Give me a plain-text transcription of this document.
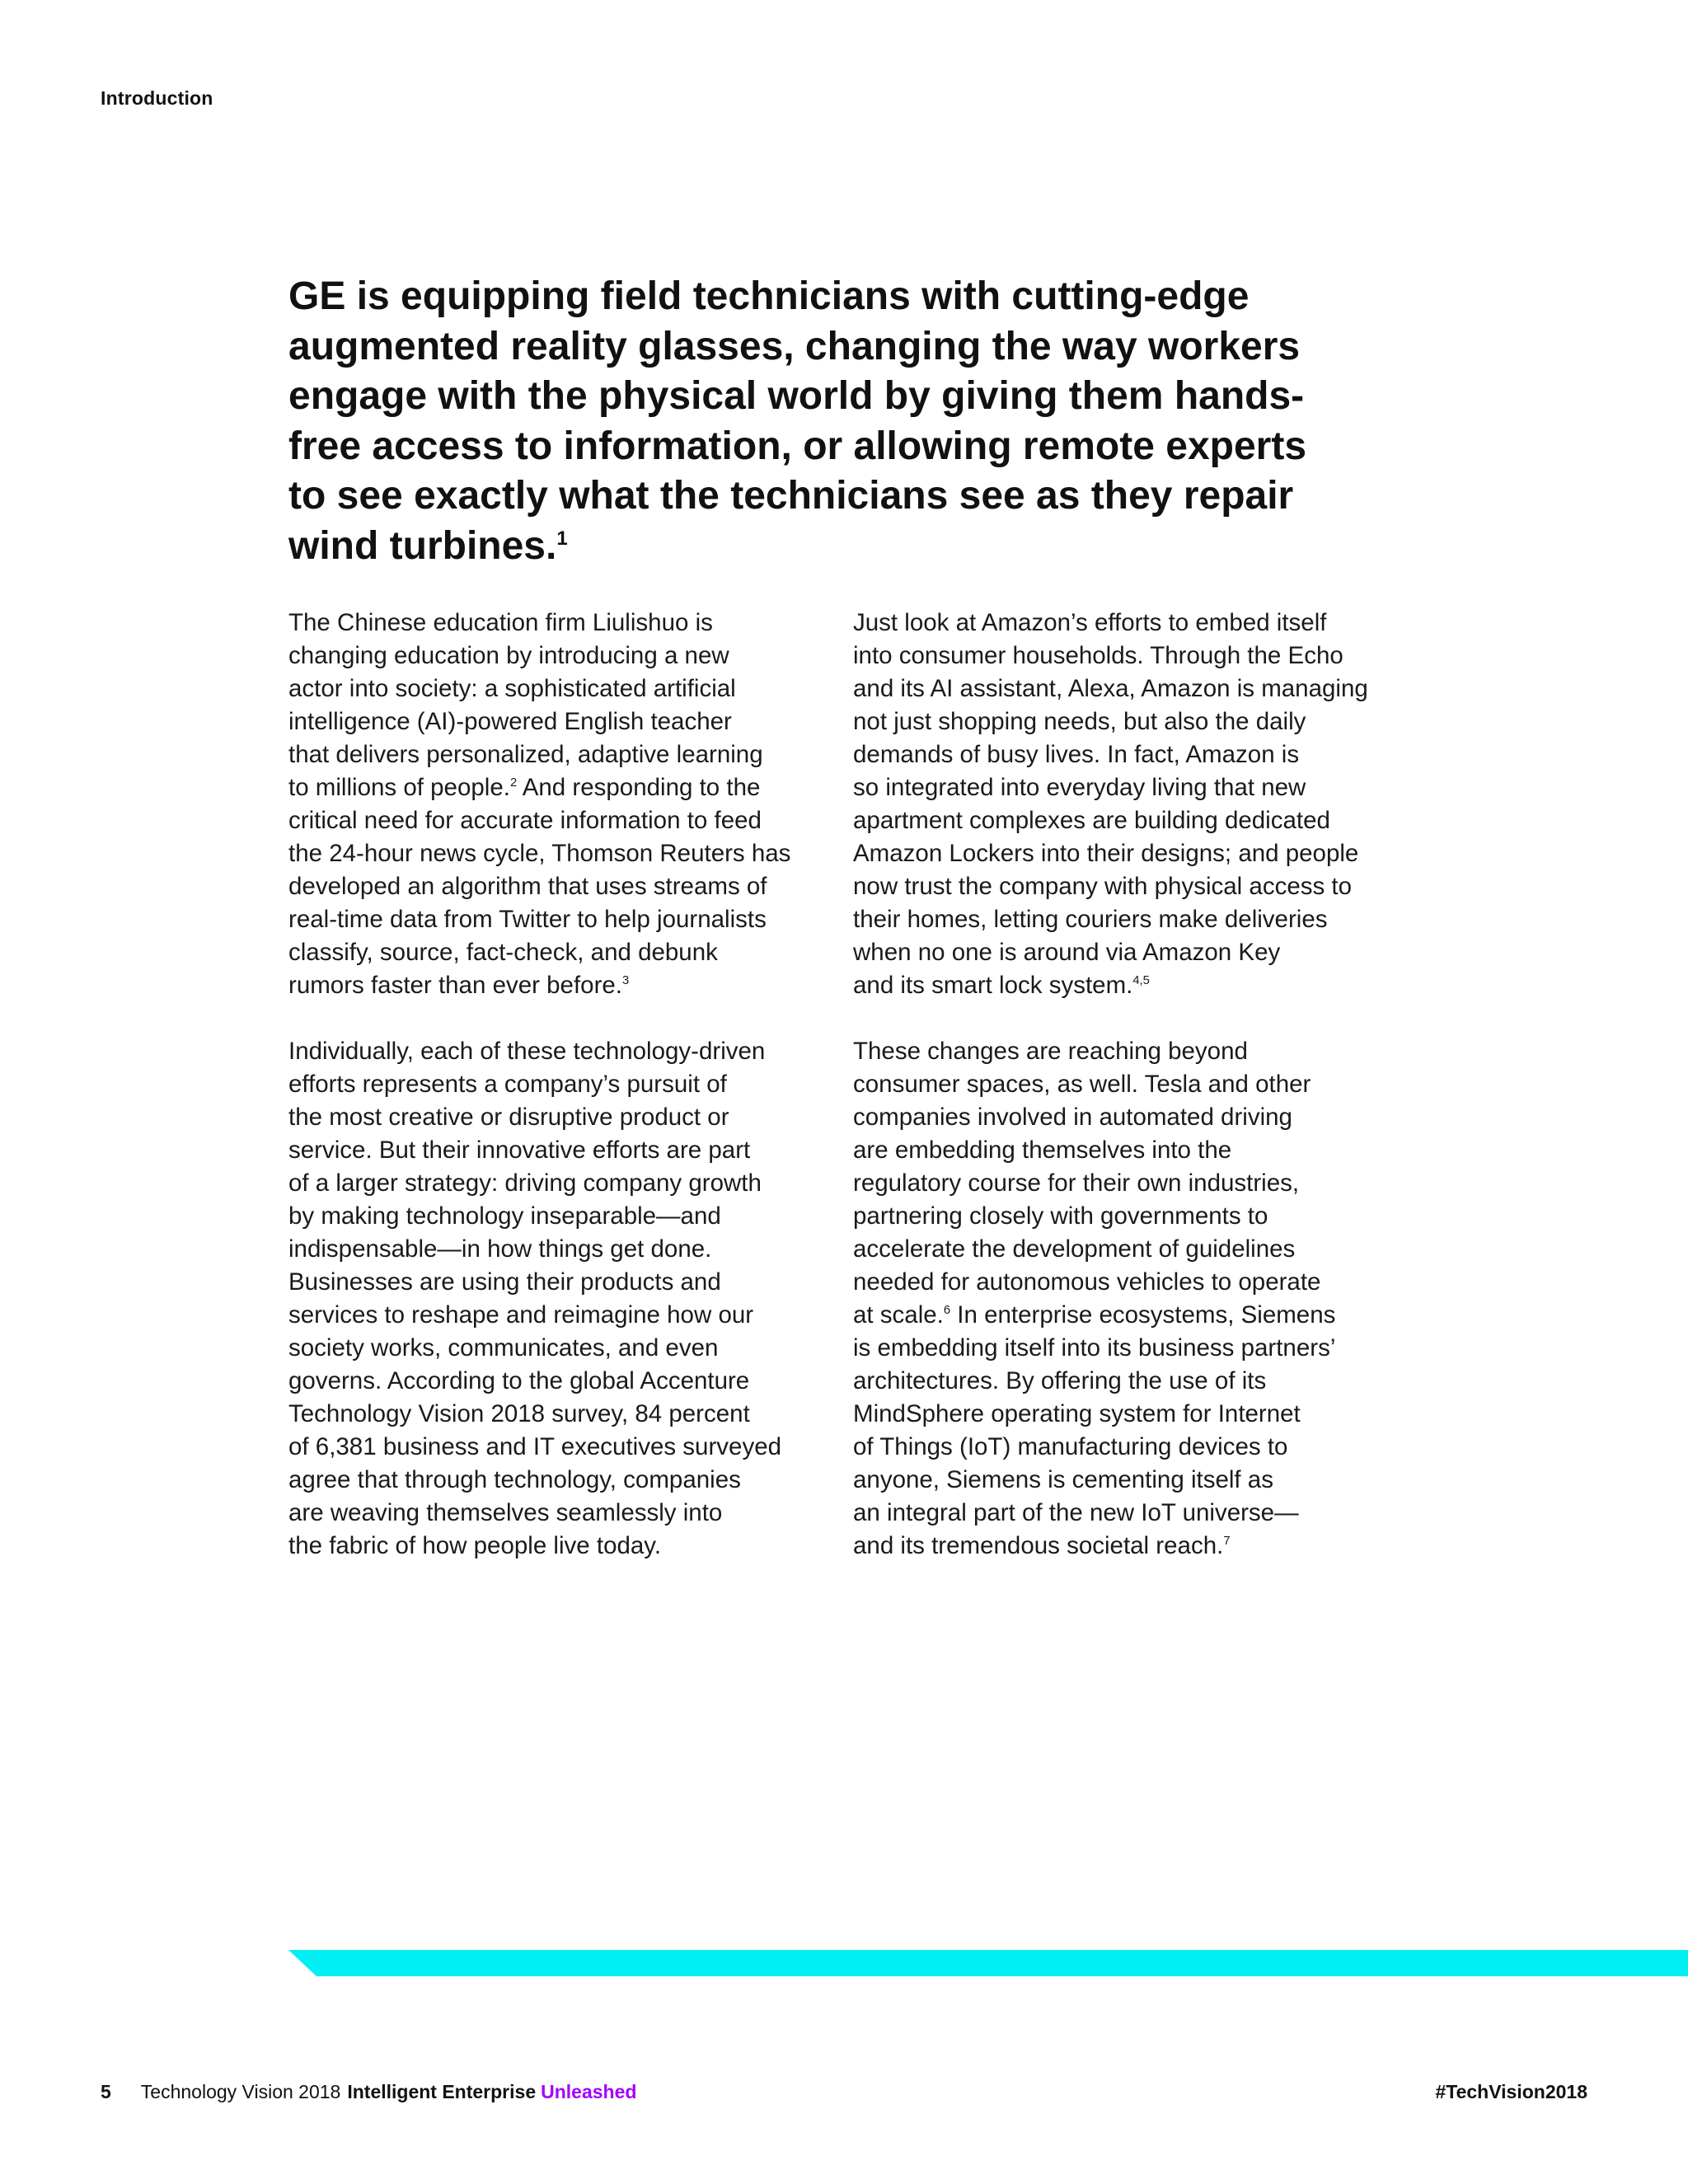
Introduction
GE is equipping field technicians with cutting-edge
augmented reality glasses, changing the way workers
engage with the physical world by giving them hands-
free access to information, or allowing remote experts
to see exactly what the technicians see as they repair
wind turbines.$^1$

The Chinese education firm Liulishuo is

changing education by introducing a new

actor into society: a sophisticated artificial

intelligence (AI)-powered English teacher

that delivers personalized, adaptive learning

to millions of people.$^2$ And responding to the

critical need for accurate information to feed

the 24-hour news cycle, Thomson Reuters has

developed an algorithm that uses streams of

real-time data from Twitter to help journalists

classify, source, fact-check, and debunk

rumors faster than ever before.$^3$

Individually, each of these technology-driven

efforts represents a company’s pursuit of

the most creative or disruptive product or

service. But their innovative efforts are part

of a larger strategy: driving company growth

by making technology inseparable—and

indispensable—in how things get done.

Businesses are using their products and

services to reshape and reimagine how our

society works, communicates, and even

governs. According to the global Accenture

Technology Vision 2018 survey, 84 percent

of 6,381 business and IT executives surveyed

agree that through technology, companies

are weaving themselves seamlessly into

the fabric of how people live today.

Just look at Amazon’s efforts to embed itself

into consumer households. Through the Echo

and its AI assistant, Alexa, Amazon is managing

not just shopping needs, but also the daily

demands of busy lives. In fact, Amazon is

so integrated into everyday living that new

apartment complexes are building dedicated

Amazon Lockers into their designs; and people

now trust the company with physical access to

their homes, letting couriers make deliveries

when no one is around via Amazon Key

and its smart lock system.$^{4,5}$

These changes are reaching beyond

consumer spaces, as well. Tesla and other

companies involved in automated driving

are embedding themselves into the

regulatory course for their own industries,

partnering closely with governments to

accelerate the development of guidelines

needed for autonomous vehicles to operate

at scale.$^6$ In enterprise ecosystems, Siemens

is embedding itself into its business partners’

architectures. By offering the use of its

MindSphere operating system for Internet

of Things (IoT) manufacturing devices to

anyone, Siemens is cementing itself as

an integral part of the new IoT universe—

and its tremendous societal reach.$^7$

5 Technology Vision 2018 Intelligent Enterprise Unleashed	#TechVision2018
